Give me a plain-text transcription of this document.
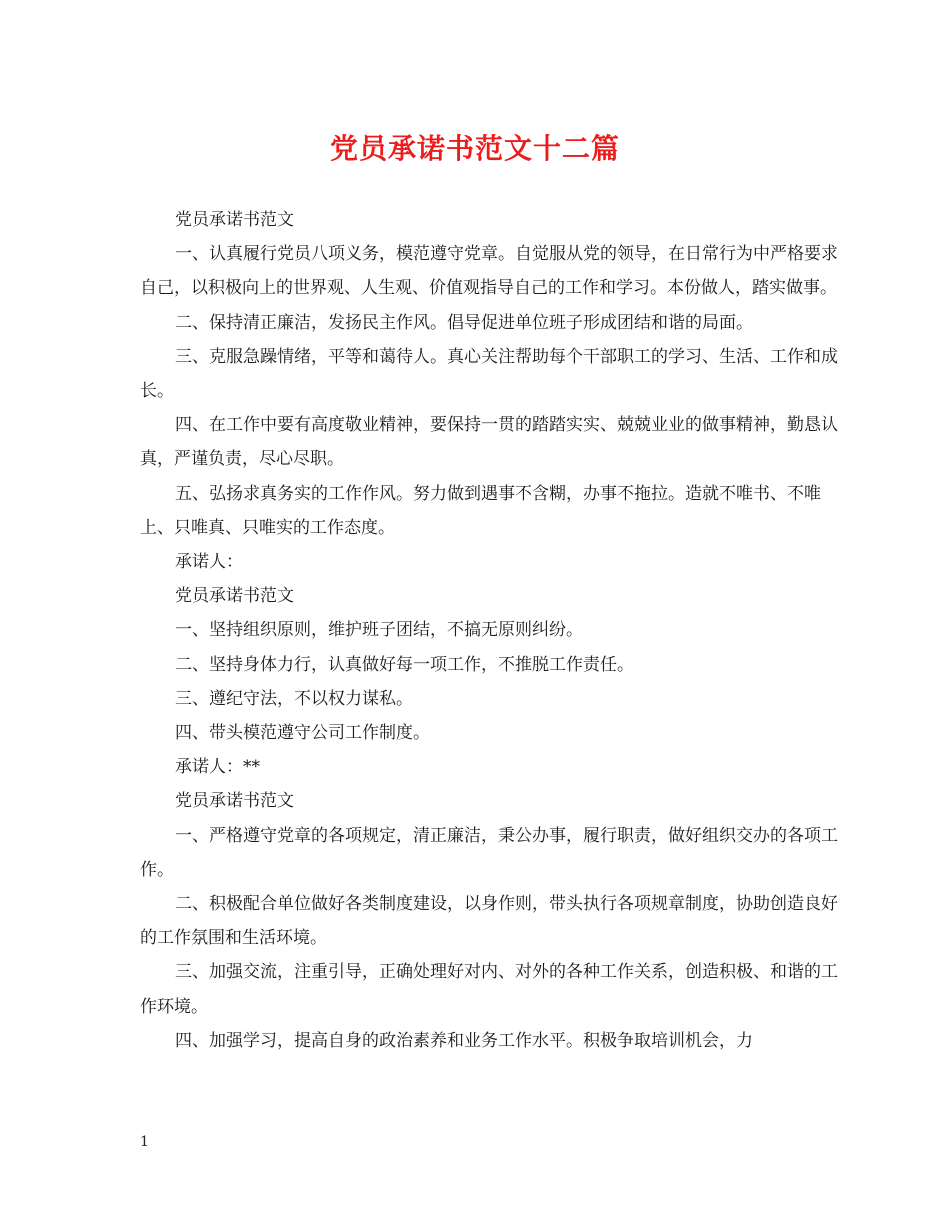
党员承诺书范文十二篇

党员承诺书范文

一、认真履行党员八项义务，模范遵守党章。自觉服从党的领导，在日常行为中严格要求自己，以积极向上的世界观、人生观、价值观指导自己的工作和学习。本份做人，踏实做事。

二、保持清正廉洁，发扬民主作风。倡导促进单位班子形成团结和谐的局面。

三、克服急躁情绪，平等和蔼待人。真心关注帮助每个干部职工的学习、生活、工作和成长。

四、在工作中要有高度敬业精神，要保持一贯的踏踏实实、兢兢业业的做事精神，勤恳认真，严谨负责，尽心尽职。

五、弘扬求真务实的工作作风。努力做到遇事不含糊，办事不拖拉。造就不唯书、不唯上、只唯真、只唯实的工作态度。

承诺人：

党员承诺书范文

一、坚持组织原则，维护班子团结，不搞无原则纠纷。

二、坚持身体力行，认真做好每一项工作，不推脱工作责任。

三、遵纪守法，不以权力谋私。

四、带头模范遵守公司工作制度。

承诺人：**

党员承诺书范文

一、严格遵守党章的各项规定，清正廉洁，秉公办事，履行职责，做好组织交办的各项工作。

二、积极配合单位做好各类制度建设，以身作则，带头执行各项规章制度，协助创造良好的工作氛围和生活环境。

三、加强交流，注重引导，正确处理好对内、对外的各种工作关系，创造积极、和谐的工作环境。

四、加强学习，提高自身的政治素养和业务工作水平。积极争取培训机会，力

1
